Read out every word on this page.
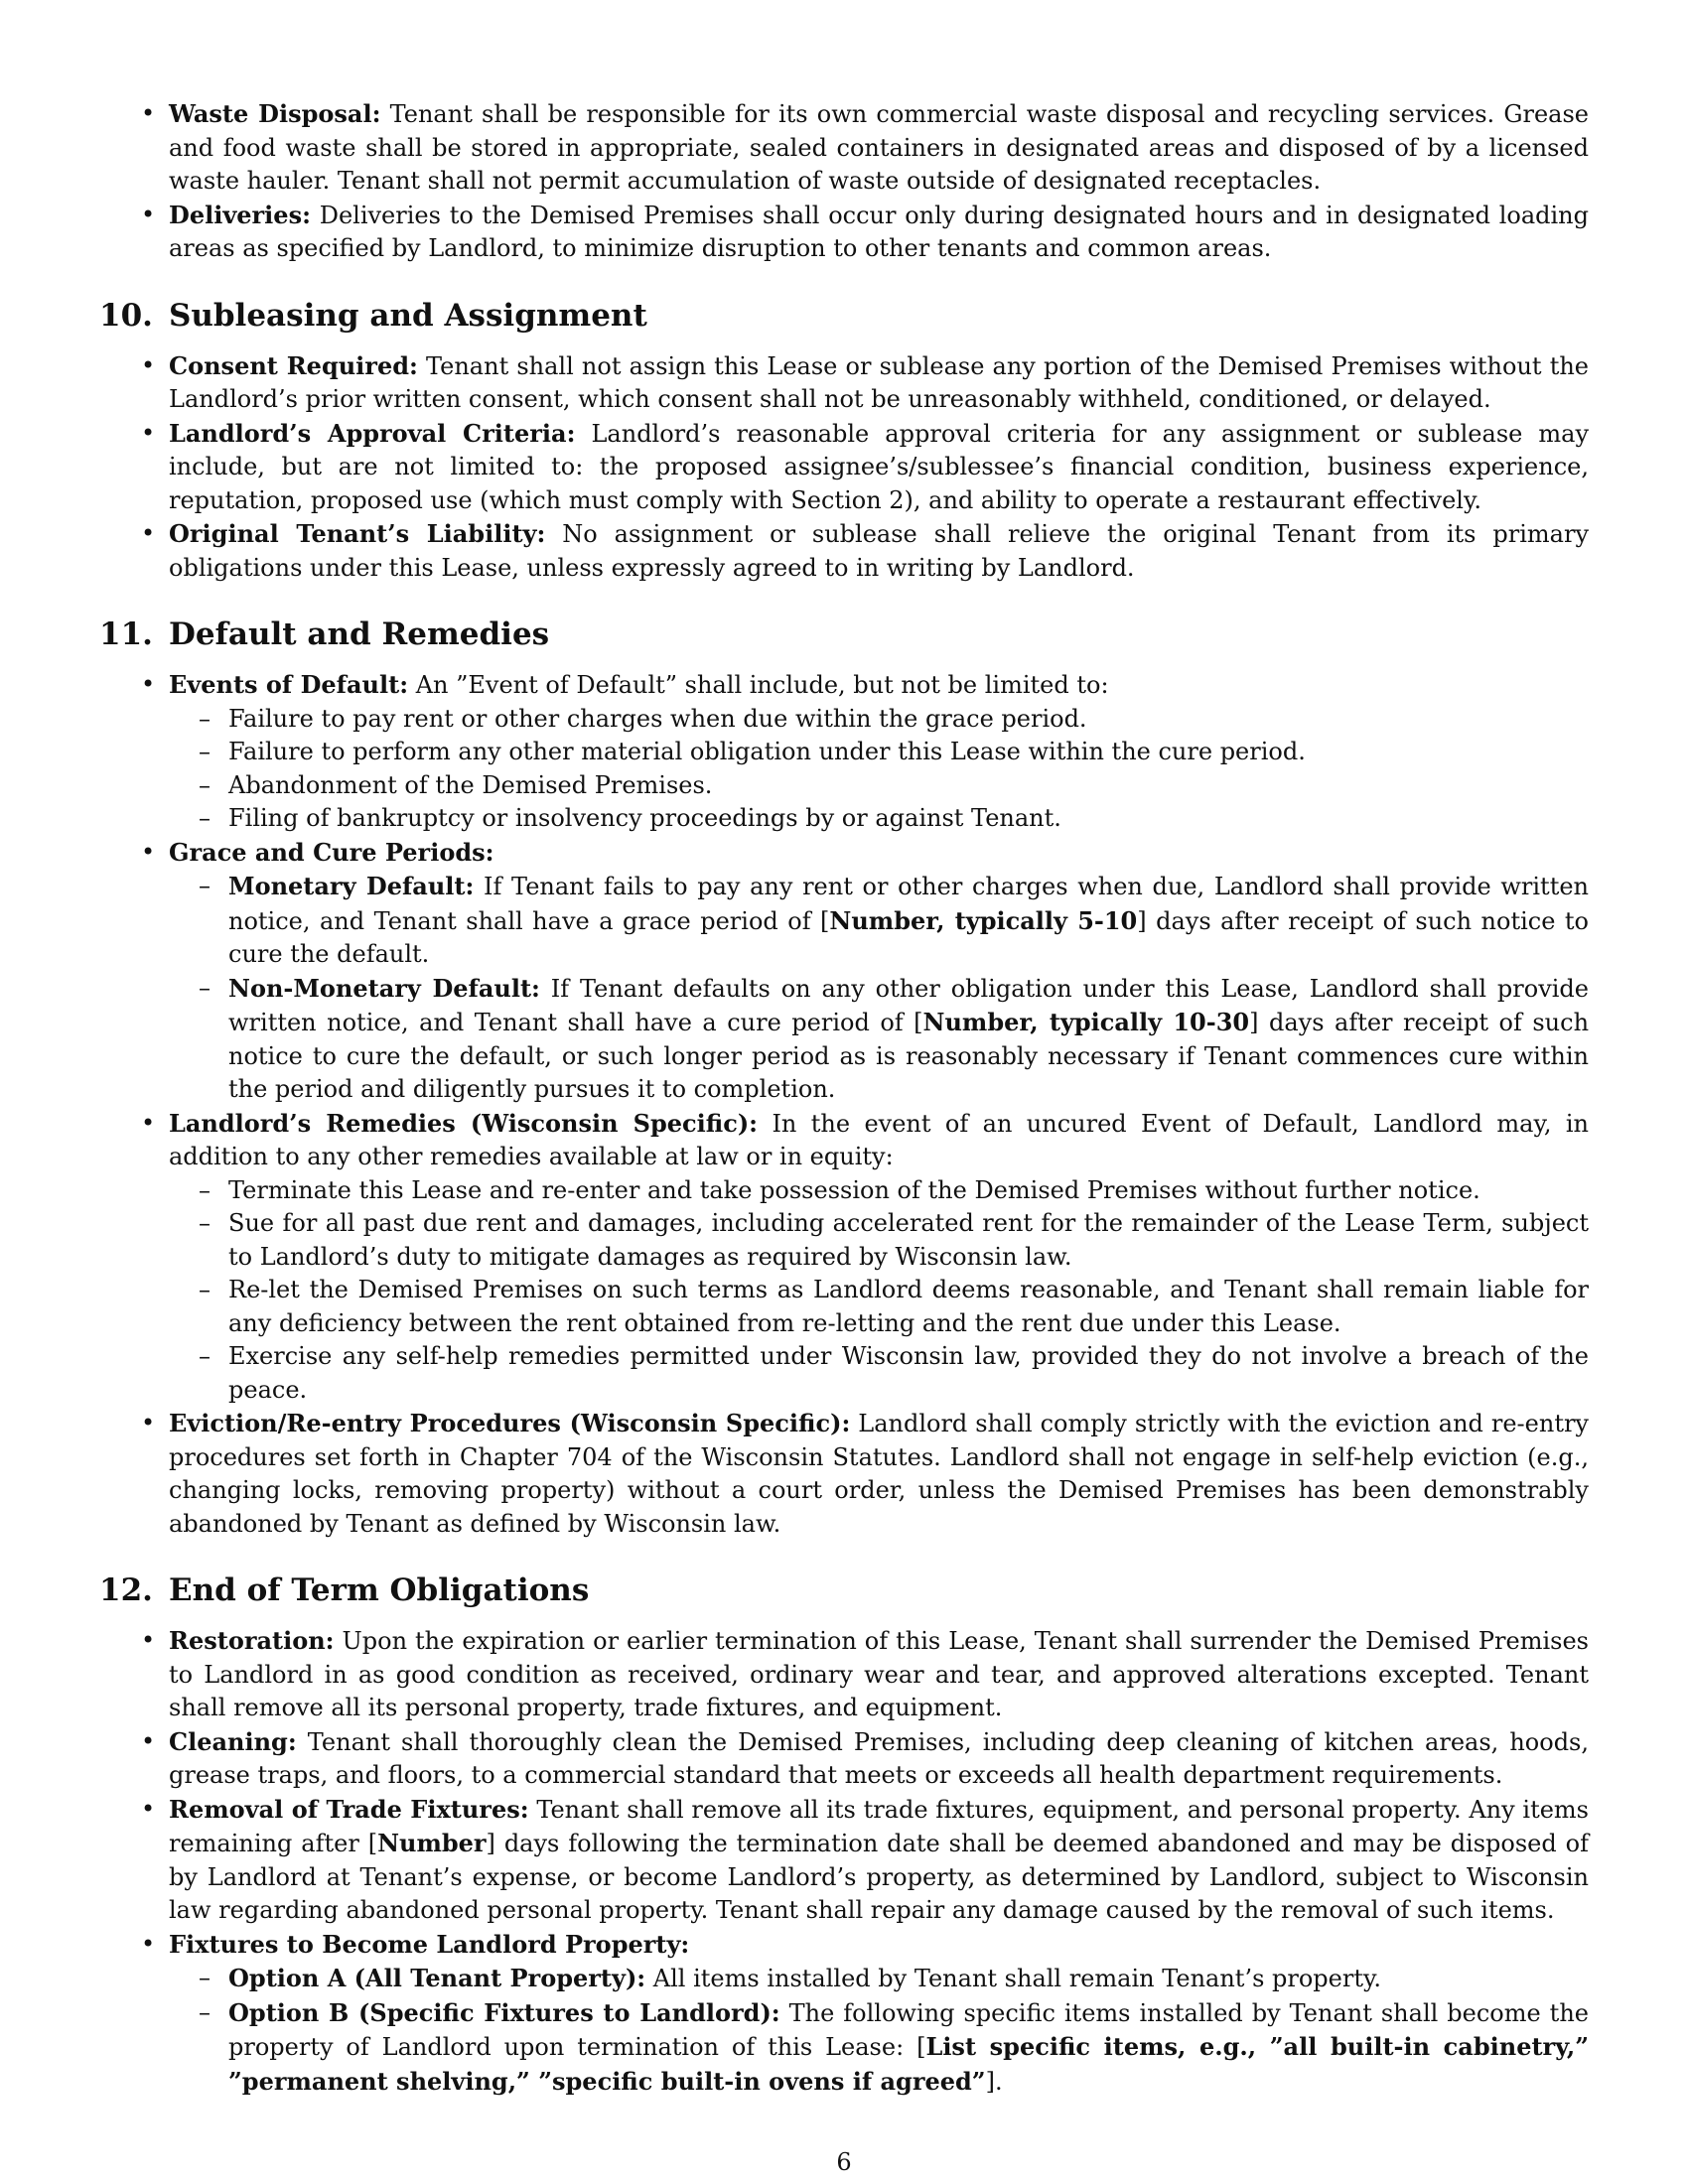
• Waste Disposal: Tenant shall be responsible for its own commercial waste disposal and recycling services. Grease and food waste shall be stored in appropriate, sealed containers in designated areas and disposed of by a licensed waste hauler. Tenant shall not permit accumulation of waste outside of designated receptacles.
• Deliveries: Deliveries to the Demised Premises shall occur only during designated hours and in designated loading areas as specified by Landlord, to minimize disruption to other tenants and common areas.
10. Subleasing and Assignment
• Consent Required: Tenant shall not assign this Lease or sublease any portion of the Demised Premises without the Landlord’s prior written consent, which consent shall not be unreasonably withheld, conditioned, or delayed.
• Landlord’s Approval Criteria: Landlord’s reasonable approval criteria for any assignment or sublease may include, but are not limited to: the proposed assignee’s/sublessee’s financial condition, business experience, reputation, proposed use (which must comply with Section 2), and ability to operate a restaurant effectively.
• Original Tenant’s Liability: No assignment or sublease shall relieve the original Tenant from its primary obligations under this Lease, unless expressly agreed to in writing by Landlord.
11. Default and Remedies
• Events of Default: An ”Event of Default” shall include, but not be limited to:
– Failure to pay rent or other charges when due within the grace period.
– Failure to perform any other material obligation under this Lease within the cure period.
– Abandonment of the Demised Premises.
– Filing of bankruptcy or insolvency proceedings by or against Tenant.
• Grace and Cure Periods:
– Monetary Default: If Tenant fails to pay any rent or other charges when due, Landlord shall provide written notice, and Tenant shall have a grace period of [Number, typically 5-10] days after receipt of such notice to cure the default.
– Non-Monetary Default: If Tenant defaults on any other obligation under this Lease, Landlord shall provide written notice, and Tenant shall have a cure period of [Number, typically 10-30] days after receipt of such notice to cure the default, or such longer period as is reasonably necessary if Tenant commences cure within the period and diligently pursues it to completion.
• Landlord’s Remedies (Wisconsin Specific): In the event of an uncured Event of Default, Landlord may, in addition to any other remedies available at law or in equity:
– Terminate this Lease and re-enter and take possession of the Demised Premises without further notice.
– Sue for all past due rent and damages, including accelerated rent for the remainder of the Lease Term, subject to Landlord’s duty to mitigate damages as required by Wisconsin law.
– Re-let the Demised Premises on such terms as Landlord deems reasonable, and Tenant shall remain liable for any deficiency between the rent obtained from re-letting and the rent due under this Lease.
– Exercise any self-help remedies permitted under Wisconsin law, provided they do not involve a breach of the peace.
• Eviction/Re-entry Procedures (Wisconsin Specific): Landlord shall comply strictly with the eviction and re-entry procedures set forth in Chapter 704 of the Wisconsin Statutes. Landlord shall not engage in self-help eviction (e.g., changing locks, removing property) without a court order, unless the Demised Premises has been demonstrably abandoned by Tenant as defined by Wisconsin law.
12. End of Term Obligations
• Restoration: Upon the expiration or earlier termination of this Lease, Tenant shall surrender the Demised Premises to Landlord in as good condition as received, ordinary wear and tear, and approved alterations excepted. Tenant shall remove all its personal property, trade fixtures, and equipment.
• Cleaning: Tenant shall thoroughly clean the Demised Premises, including deep cleaning of kitchen areas, hoods, grease traps, and floors, to a commercial standard that meets or exceeds all health department requirements.
• Removal of Trade Fixtures: Tenant shall remove all its trade fixtures, equipment, and personal property. Any items remaining after [Number] days following the termination date shall be deemed abandoned and may be disposed of by Landlord at Tenant’s expense, or become Landlord’s property, as determined by Landlord, subject to Wisconsin law regarding abandoned personal property. Tenant shall repair any damage caused by the removal of such items.
• Fixtures to Become Landlord Property:
– Option A (All Tenant Property): All items installed by Tenant shall remain Tenant’s property.
– Option B (Specific Fixtures to Landlord): The following specific items installed by Tenant shall become the property of Landlord upon termination of this Lease: [List specific items, e.g., ”all built-in cabinetry,” ”permanent shelving,” ”specific built-in ovens if agreed”].
6
